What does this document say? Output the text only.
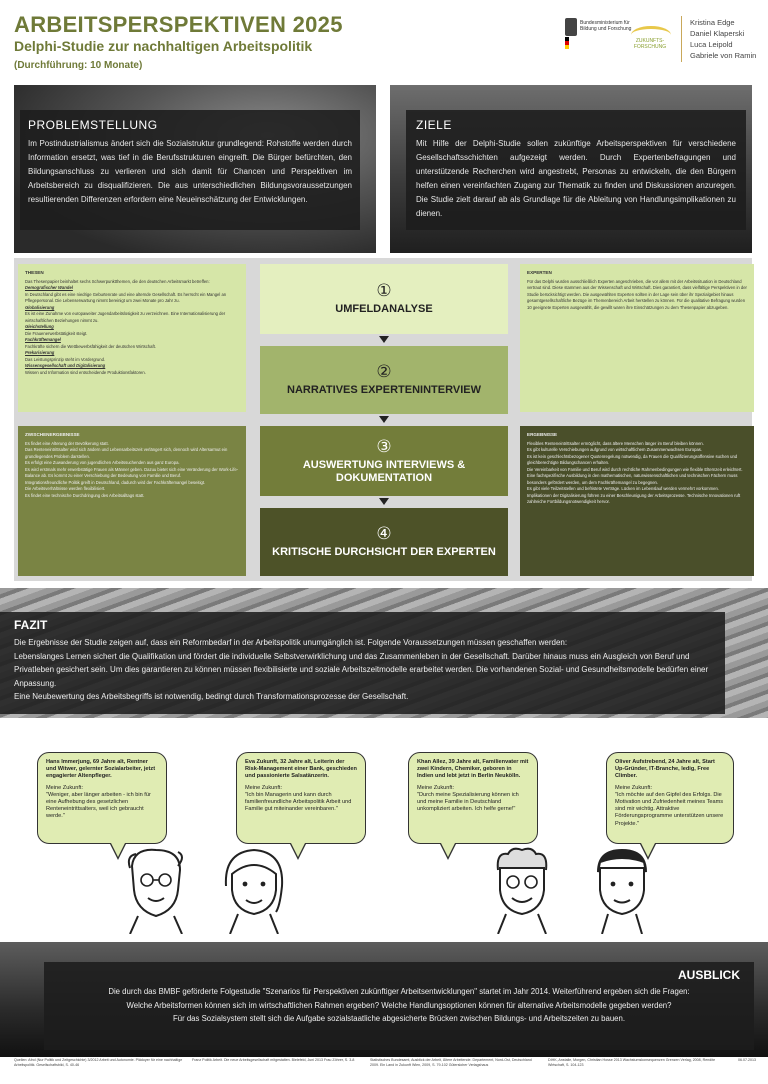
ARBEITSPERSPEKTIVEN 2025
Delphi-Studie zur nachhaltigen Arbeitspolitik
(Durchführung: 10 Monate)
Bundesministerium für Bildung und Forschung
ZUKUNFTS-FORSCHUNG
Kristina Edge
Daniel Klaperski
Luca Leipold
Gabriele von Ramin
PROBLEMSTELLUNG

Im Postindustrialismus ändert sich die Sozialstruktur grundlegend: Rohstoffe werden durch Information ersetzt, was tief in die Berufsstrukturen eingreift. Die Bürger befürchten, den Bildungsanschluss zu verlieren und sich damit für Chancen und Perspektiven im Arbeitsbereich zu disqualifizieren. Die aus unterschiedlichen Bildungsvoraussetzungen resultierenden Differenzen erfordern eine Neueinschätzung der Entwicklungen.

ZIELE

Mit Hilfe der Delphi-Studie sollen zukünftige Arbeitsperspektiven für verschiedene Gesellschaftsschichten aufgezeigt werden. Durch Expertenbefragungen und unterstützende Recherchen wird angestrebt, Personas zu entwickeln, die den Bürgern helfen einen vereinfachten Zugang zur Thematik zu finden und Diskussionen anzuregen. Die Studie zielt darauf ab als Grundlage für die Ableitung von Handlungsimplikationen zu dienen.

THESEN
Das Thesenpapier beinhaltet sechs Schwerpunktthemen, die den deutschen Arbeitsmarkt betreffen:
Demografischer Wandel
In Deutschland gibt es eine niedrige Geburtenrate und eine alternde Gesellschaft. Es herrscht ein Mangel an Pflegepersonal. Die Lebenserwartung nimmt bereinigt um zwei Monate pro Jahr zu.
Globalisierung
Es ist eine Zunahme von europaweiter Jugendarbeitslosigkeit zu verzeichnen. Eine Internationalisierung der wirtschaftlichen Beziehungen nimmt zu.
Gleichstellung
Die Frauenerwerbstätigkeit steigt.
Fachkräftemangel
Fachkräfte sichern die Wettbewerbsfähigkeit der deutschen Wirtschaft.
Prekarisierung
Das Leistungsprinzip steht im Vordergrund.
Wissensgesellschaft und Digitalisierung
Wissen und Information sind entscheidende Produktionsfaktoren.
EXPERTEN
Für das Delphi wurden ausschließlich Experten angeschrieben, die vor allem mit der Arbeitssituation in Deutschland vertraut sind. Diese stammen aus der Wissenschaft und Wirtschaft. Dies garantiert, dass vielfältige Perspektiven in der Studie berücksichtigt werden. Die ausgewählten Experten sollten in der Lage sein über ihr Spezialgebiet hinaus gesamtgesellschaftliche Bezüge im Themenbereich Arbeit herstellen zu können. Für die qualitative Befragung wurden 10 geeignete Experten ausgewählt, die gewillt waren ihre Einschätzungen zu dem Thesenpapier abzugeben.
ZWISCHENERGEBNISSE
Es findet eine Alterung der Bevölkerung statt.
Das Renteneintrittsalter wird sich ändern und Lebensarbeitszeit verlängert sich, dennoch wird Altersarmut ein grundlegendes Problem darstellen.
Es erfolgt eine Zuwanderung von jugendlichen Arbeitssuchenden aus ganz Europa.
Es wird erstmals mehr erwerbstätige Frauen als Männer geben. Dazuu bietet sich eine Veränderung der Work-Life-Balance ab. Es kommt zu einer Verschiebung der Bedeutung von Familie und Beruf.
Integrationsfreundliche Politik greift in Deutschland, dadurch wird der Fachkräftemangel beseitigt.
Die Arbeitsverhältnisse werden flexibilisiert.
Es findet eine technische Durchdringung des Arbeitsalltags statt.
ERGEBNISSE
Flexibles Renteneintrittsalter ermöglicht, dass ältere Menschen länger im Beruf bleiben können.
Es gibt kulturelle Verschiebungen aufgrund von wirtschaftlichem Zusammenwachsen Europas.
Es ist kein geschlechtsbezogener Quotenregelung notwendig, da Frauen die Qualifizierungsoffensive suchen und gleichberechtigte Bildungschancen erhalten.
Die Vereinbarkeit von Familie und Beruf wird durch rechtliche Rahmenbedingungen wie flexible Elternzeit erleichtert.
Eine fachspezifische Ausbildung in den mathematischen, naturwissenschaftlichen und technischen Fächern muss besonders gefördert werden, um dem Fachkräftemangel zu begegnen.
Es gibt viele Teilzeitstellen und befristete Verträge. Lücken im Lebenslauf werden vermehrt vorkommen.
Implikationen der Digitalisierung führen zu einer Beschleunigung der Arbeitsprozesse. Technische Innovationen ruft zahlreiche Fortbildungsnotwendigkeit hervor.
①
UMFELDANALYSE
②
NARRATIVES EXPERTENINTERVIEW
③
AUSWERTUNG INTERVIEWS & DOKUMENTATION
④
KRITISCHE DURCHSICHT DER EXPERTEN
FAZIT

Die Ergebnisse der Studie zeigen auf, dass ein Reformbedarf in der Arbeitspolitik unumgänglich ist. Folgende Voraussetzungen müssen geschaffen werden:

Lebenslanges Lernen sichert die Qualifikation und fördert die individuelle Selbstverwirklichung und das Zusammenleben in der Gesellschaft. Darüber hinaus muss ein Ausgleich von Beruf und Privatleben gesichert sein. Um dies garantieren zu können müssen flexibilisierte und soziale Arbeitszeitmodelle erarbeitet werden. Die vorhandenen Sozial- und Gesundheitsmodelle bedürfen einer Anpassung.

Eine Neubewertung des Arbeitsbegriffs ist notwendig, bedingt durch Transformationsprozesse der Gesellschaft.

Hans Immerjung, 69 Jahre alt, Rentner und Witwer, gelernter Sozialarbeiter, jetzt engagierter Altenpfleger.
Meine Zukunft:
"Weniger, aber länger arbeiten - ich bin für eine Aufhebung des gesetzlichen Renteneintrittsalters, weil ich gebraucht werde."
Eva Zukunft, 32 Jahre alt, Leiterin der Risk-Management einer Bank, geschieden und passionierte Salsatänzerin.
Meine Zukunft:
"Ich bin Managerin und kann durch familienfreundliche Arbeitspolitik Arbeit und Familie gut miteinander vereinbaren."
Khan Allez, 39 Jahre alt, Familienvater mit zwei Kindern, Chemiker, geboren in Indien und lebt jetzt in Berlin Neukölln.
Meine Zukunft:
"Durch meine Spezialisierung können ich und meine Familie in Deutschland unkompliziert arbeiten. Ich helfe gerne!"
Oliver Aufstrebend, 24 Jahre alt, Start Up-Gründer, IT-Branche, ledig, Free Climber.
Meine Zukunft:
"Ich möchte auf den Gipfel des Erfolgs. Die Motivation und Zufriedenheit meines Teams sind mir wichtig. Attraktive Förderungsprogramme unterstützen unsere Projekte."
AUSBLICK

Die durch das BMBF geförderte Folgestudie "Szenarios für Perspektiven zukünftiger Arbeitsentwicklungen" startet im Jahr 2014. Weiterführend ergeben sich die Fragen:

Welche Arbeitsformen können sich im wirtschaftlichen Rahmen ergeben? Welche Handlungsoptionen können für alternative Arbeitsmodelle gegeben werden?

Für das Sozialsystem stellt sich die Aufgabe sozialstaatliche abgesicherte Brücken zwischen Bildungs- und Arbeitszeiten zu bauen.

Quellen: Afrol (Nur Politik und Zeitgeschichte) 3/2012 Arbeit und Autonomie. Plädoyer für eine nachhaltige Arbeitspolitik. Gesellschaftsbild, S. 40-46
Franz Politik Arbeit. Die neue Arbeitsgesellschaft mitgestalten. Bielefeld, Juni 2013 Frau Zöhrer, S. 3-8	Statistisches Bundesamt, Ausblick der Arbeit, Ältere Arbeitende. Departement, Nord-Ost, Deutschland 2009. Ein Land in Zukunft Wien, 2009, S. 79-102 Gütersloher Verlagshaus
DIHK, Anstalle, Morgen, Christian Hosse 2013 Wachstumskonsequenzen Grenzen Verlag, 2008, Rendite Wirtschaft, S. 104-123
06.07.2013
